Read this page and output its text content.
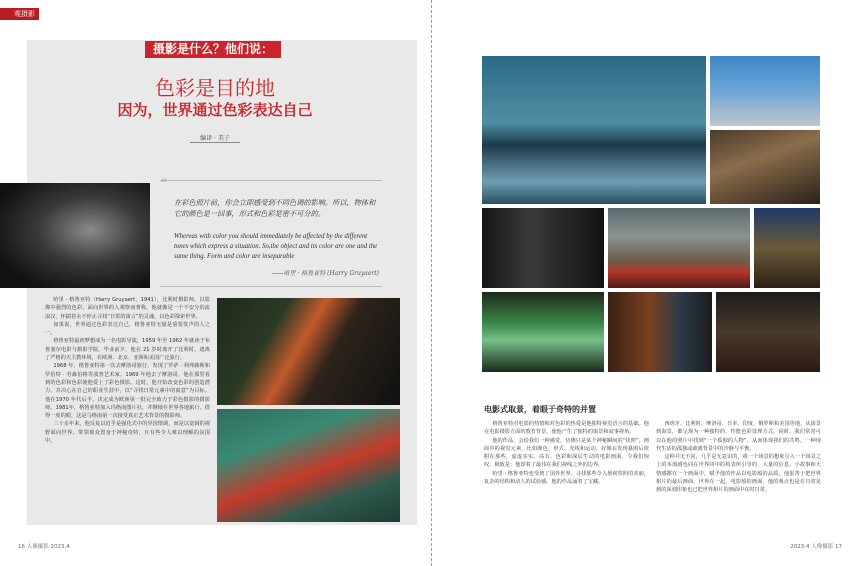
观摄影
摄影是什么？他们说：
色彩是目的地
因为，世界通过色彩表达自己
编译 · 美子
“
在彩色照片前，你会立即感受到不同色调的影响。所以，物体和它的颜色是一回事，形式和色彩是密不可分的。
Whereas with color you should immediately be affected by the different tones which express a situation. So,the object and its color are one and the same thing. Form and color are inseparable
——哈里 · 格鲁亚特 (Harry Gruyaert)

哈里 · 格鲁亚特（Harry Gruyaert，1941），比利时摄影师。以影像中强烈的色彩、面向世界的人观察而著称。他就像是一个不安分的流浪汉，怀揣着永不停止寻找“日常的寓言”的灵魂，以色彩探索世界。

如果说，世界通过色彩表达自己，格鲁亚特无疑是重要发声的人之一。

格鲁亚特最初梦想成为一名电影导演，1959 年至 1962 年就读于布鲁塞尔电影与摄影学院。毕业前夕，他在 21 岁时离开了比利时，逃离了严格的天主教环境，在欧洲、北京、亚洲和美国广泛旅行。

1968 年，格鲁亚特第一次去摩洛哥旅行，发现了罗萨 · 利弗藤斯和罗伯特 · 劳森伯格等波普艺术家。1969 年他去了摩洛哥，他在那里看到的色彩和色彩使他爱上了彩色摄影。这时，他开始改变色彩的创造潜力，并决心在自己的职业生涯中，以“寻找日常元素中的寓意”为目标。他在1970 年代后半，决定成为欧洲第一批完全致力于彩色摄影的摄影师。1981年，格鲁亚特加入玛格南图片社，并继续在世界各地旅行，借得一度的眼，这是马格南第一次接受真正艺术背景的摄影师。

三十多年来，他反复以近乎是强化式中的异国情调，而是以宽阔的视野面向世界。带领观众置身于神秘奇特，且有些令人难以理解的氛围中。

16 人像摄影 2023.4
电影式取景，着眼于奇特的并置

格鲁亚特对电影的热情和对色彩的热爱是他独特视觉语言的基础。他在电影摄影方面的教育背景，使他产生了独特的取景和叙事视角。

他的作品，会给我们一种感觉，仿佛只是某个神秘瞬间的“快照”，画面中的视觉元素，比如颜色、形式、光线和运动，好像在发现暴雨后依附在那些，虚虚实实，高有、色彩和深层生动的电影画面，令我们惊叹。极致是：他却着了最伟在我们视线之外的边界。

哈里 · 格鲁亚特也受到了国外世界，寻找那些令人愿视察照的美丽，复杂的结构和动人的试验感。他的作品涌着了宝藏。

西班牙、比利时、摩洛哥、日本、印度、俄罗斯和美国等地，从街景到海景，都呈现为一种独特的、性能色彩处理方式。同时，我们常常可以在他的照片中找到“一个孤独的人物”，从而体现我们的共鸣。一种现代生活的孤独或疏离背景中的冷静与平衡。

这种并无不同，几乎是无意识的，将一个场景的想象引入一个场景之上的本部感也同在世界同中的构表所引导的，大量的信息，小故事和大情感都在一个画面中，赋予他的作品以电影般的品质。他很善于把世界相片的最后画面，世界在一起，电影般的画面，他的观点也是在日常见到的深刻印象也已把世界相片的画面中在时日常。

2023.4 人像摄影 17
